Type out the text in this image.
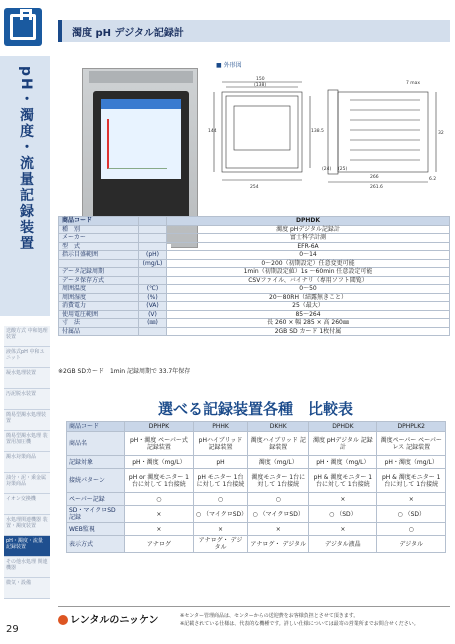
pH・濁度・流量記録装置
送酸方式 中和処理装置
液体式pH 中和ユニット
凝水処理装置
汚泥脱水装置
簡易型濁水処理装置
簡易型濁水処理 装置用加圧機
濁水対策商品
油分・泥・乗金属 対策商品
イオン交換機
水処理関連機器 装置・濁度装置
pH・濁度・流量 記録装置
その他水処理 関連機器
微気・設備
29
濁度 pH デジタル記録計
■ 外形図
150
(138)
144	138.5
7 max
254
(24)
261.6
6.2
(25)
266
32
商品コード		DPHDK
種　別		濁度 pHデジタル記録計
メーカー		富士科学計測
型　式		EFR-6A
指示目盛範囲	(pH)	0〜14
	(mg/L)	0〜200（初期設定）任意変更可能
データ記録周期		1min（初期設定値）1s 〜60min 任意設定可能
データ保存方式		CSVファイル、バイナリ（専用ソフト閲覧）
周囲温度	(℃)	0〜50
周囲湿度	(%)	20〜80RH（結露無きこと）
消費電力	(VA)	25（最大）
使用電圧範囲	(V)	85〜264
寸　法	(㎜)	長 260 × 幅 285 × 高 260㎜
付属品		2GB SD カード 1枚付属
※2GB SDカード　1min 記録周期で 33.7年保存
選べる記録装置各種　比較表
商品コード	DPHPK	PHHK	DKHK	DPHDK	DPHPLK2
商品名	pH・濁度 ペーパー式 記録装置	pHハイブリッド 記録装置	濁度ハイブリッド 記録装置	濁度 pHデジタル 記録計	濁度ペーパー ペーパーレス 記録装置
記録対象	pH・濁度（mg/L）	pH	濁度（mg/L）	pH・濁度（mg/L）	pH・濁度（mg/L）
接続パターン	pH or 濁度モニター 1台に対して 1台接続	pH モニター 1台に対して 1台接続	濁度モニター 1台に対して 1台接続	pH & 濁度モニター 1台に対して 1台接続	pH & 濁度モニター 1台に対して 1台接続
ペーパー記録	○	○	○	×	×
SD・マイクロSD 記録	×	○ （マイクロSD）	○ （マイクロSD）	○ （SD）	○ （SD）
WEB監視	×	×	×	×	○
表示方式	アナログ	アナログ・ デジタル	アナログ・ デジタル	デジタル液晶	デジタル
レンタルのニッケン	※センター管理商品は、センターからの送迎費をお客様負担とさせて頂きます。
※記載されている仕様は、代表的な機種です。詳しい仕様については最寄の営業所までお問合せください。
